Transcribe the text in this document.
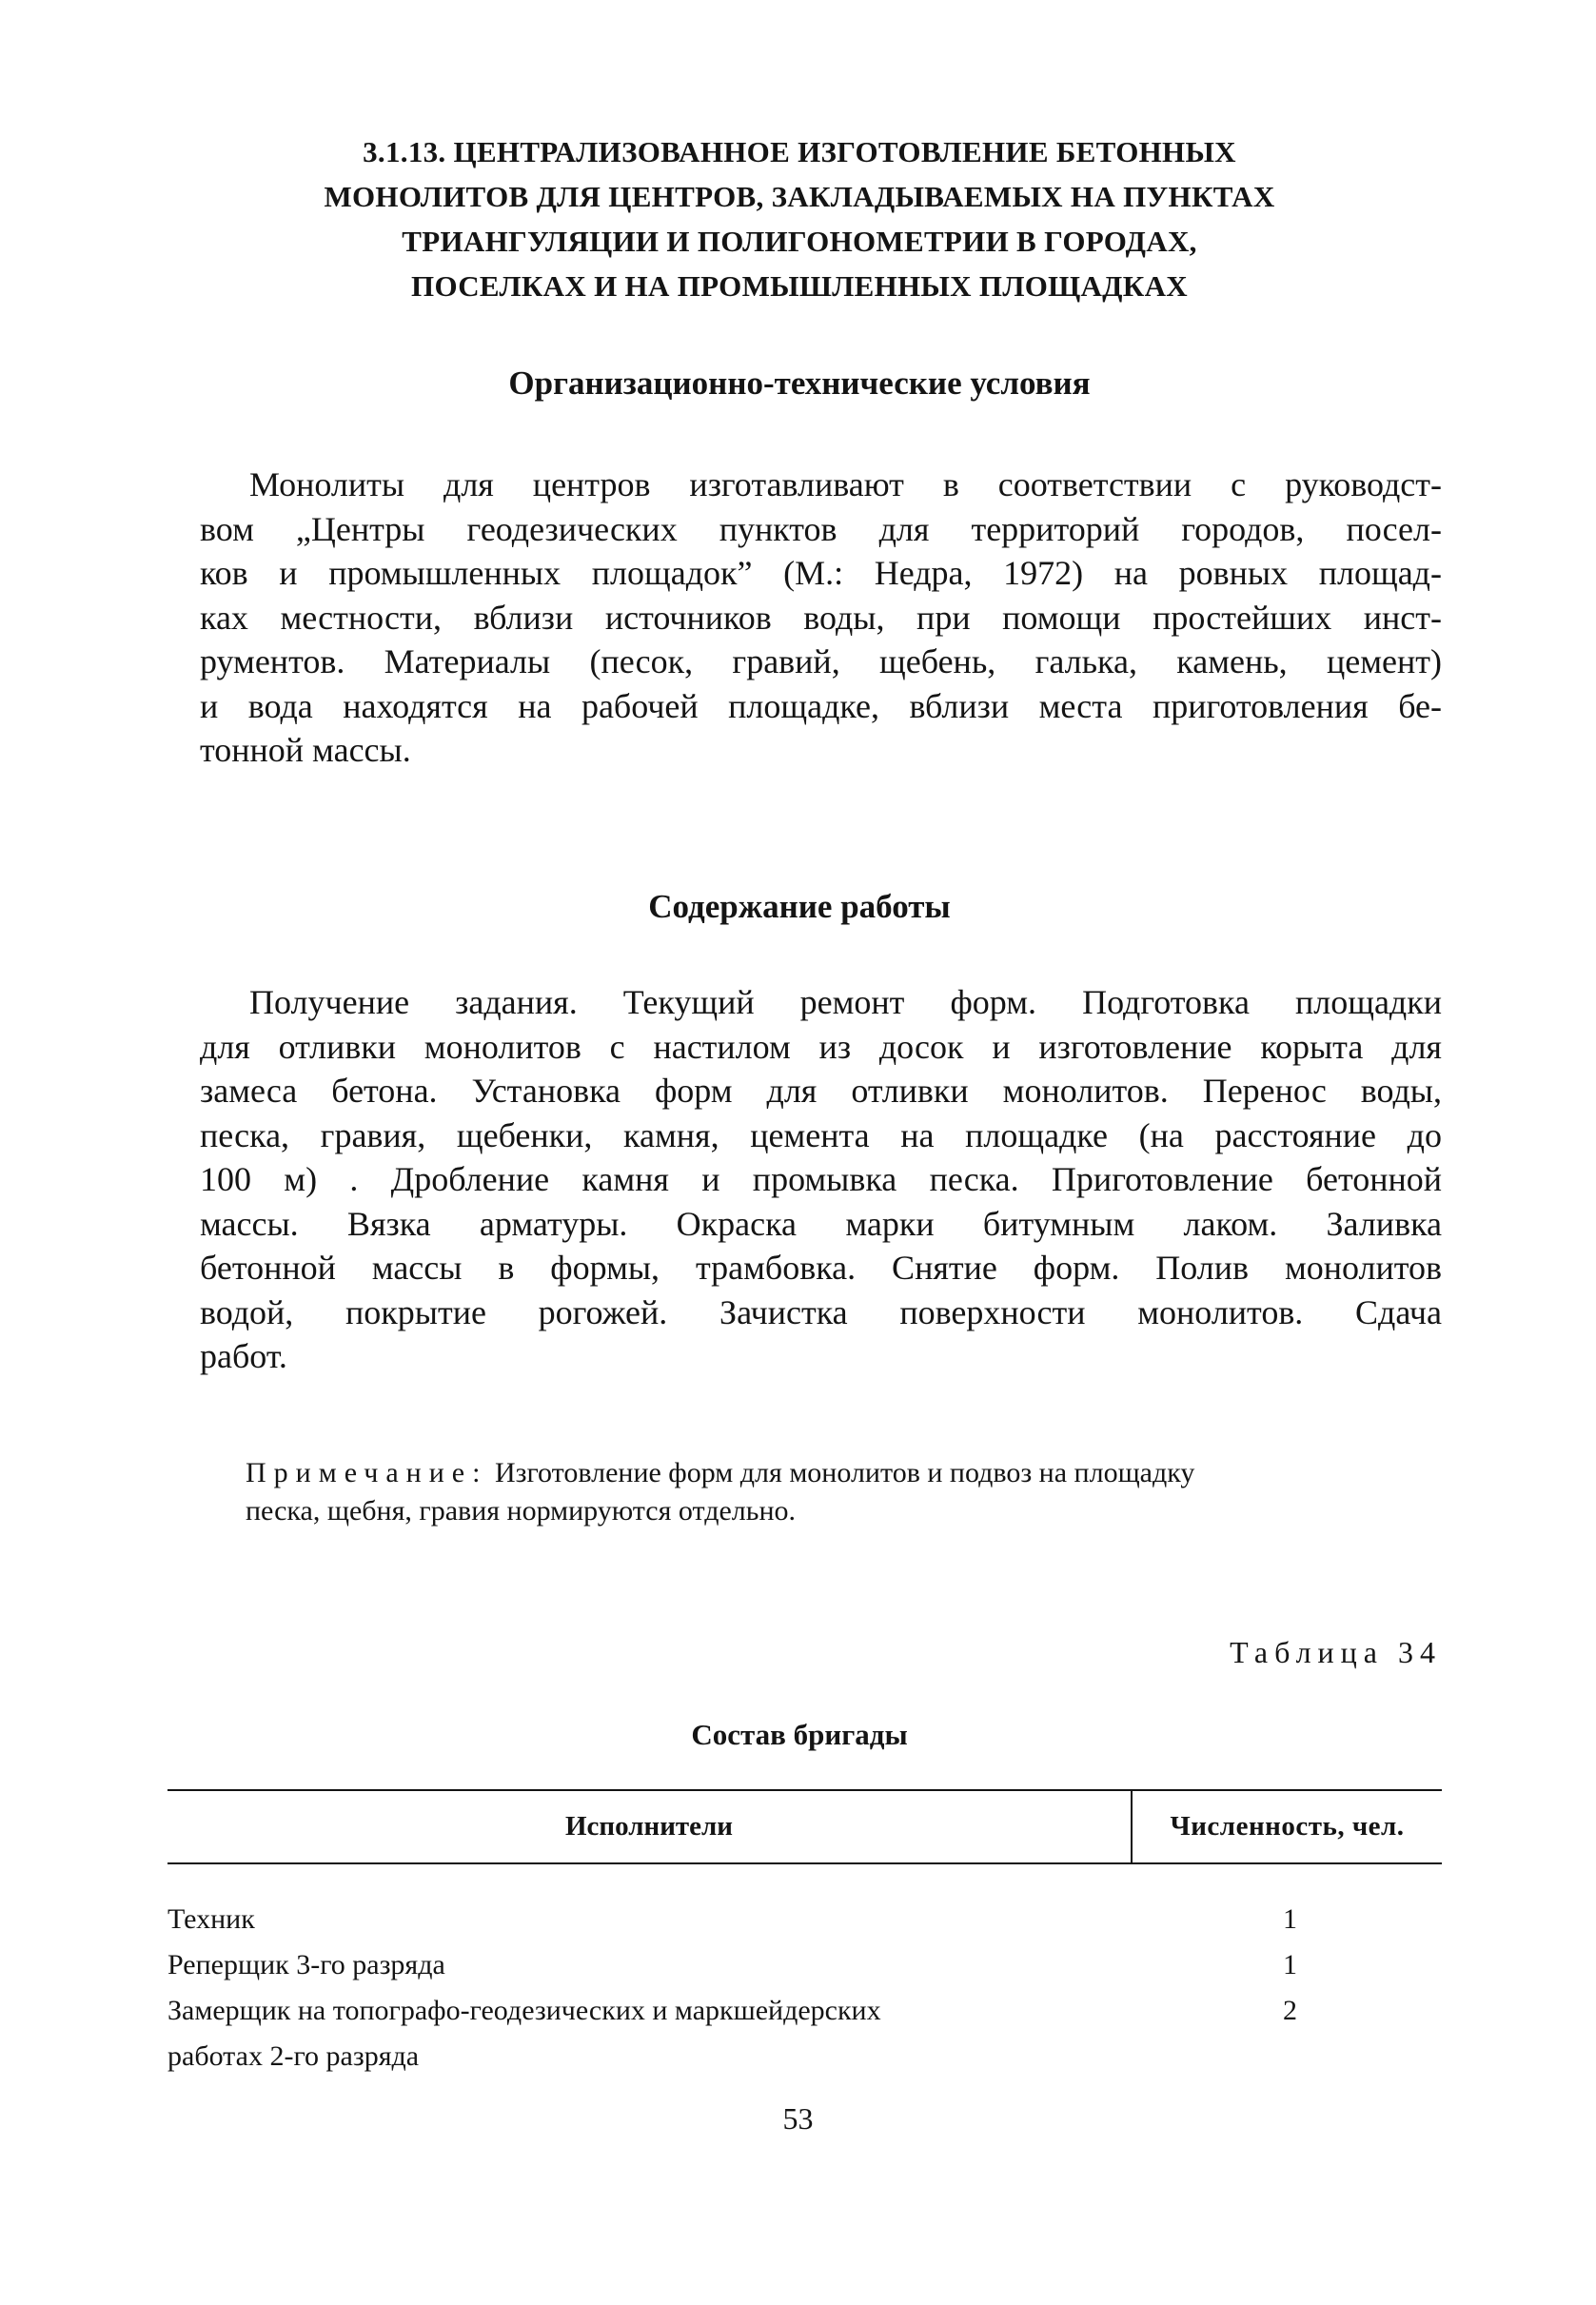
3.1.13. ЦЕНТРАЛИЗОВАННОЕ ИЗГОТОВЛЕНИЕ БЕТОННЫХ
МОНОЛИТОВ ДЛЯ ЦЕНТРОВ, ЗАКЛАДЫВАЕМЫХ НА ПУНКТАХ
ТРИАНГУЛЯЦИИ И ПОЛИГОНОМЕТРИИ В ГОРОДАХ,
ПОСЕЛКАХ И НА ПРОМЫШЛЕННЫХ ПЛОЩАДКАХ
Организационно-технические условия
Монолиты для центров изготавливают в соответствии с руководст-
вом „Центры геодезических пунктов для территорий городов, посел-
ков и промышленных площадок” (М.: Недра, 1972) на ровных площад-
ках местности, вблизи источников воды, при помощи простейших инст-
рументов. Материалы (песок, гравий, щебень, галька, камень, цемент)
и вода находятся на рабочей площадке, вблизи места приготовления бе-
тонной массы.
Содержание работы
Получение задания. Текущий ремонт форм. Подготовка площадки
для отливки монолитов с настилом из досок и изготовление корыта для
замеса бетона. Установка форм для отливки монолитов. Перенос воды,
песка, гравия, щебенки, камня, цемента на площадке (на расстояние до
100 м) . Дробление камня и промывка песка. Приготовление бетонной
массы. Вязка арматуры. Окраска марки битумным лаком. Заливка
бетонной массы в формы, трамбовка. Снятие форм. Полив монолитов
водой, покрытие рогожей. Зачистка поверхности монолитов. Сдача
работ.
Примечание: Изготовление форм для монолитов и подвоз на площадку
песка, щебня, гравия нормируются отдельно.
Таблица 34
Состав бригады
Исполнители	Численность, чел.
Техник	1
Реперщик 3-го разряда	1
Замерщик на топографо-геодезических и маркшейдерских	2
работах 2-го разряда
53
